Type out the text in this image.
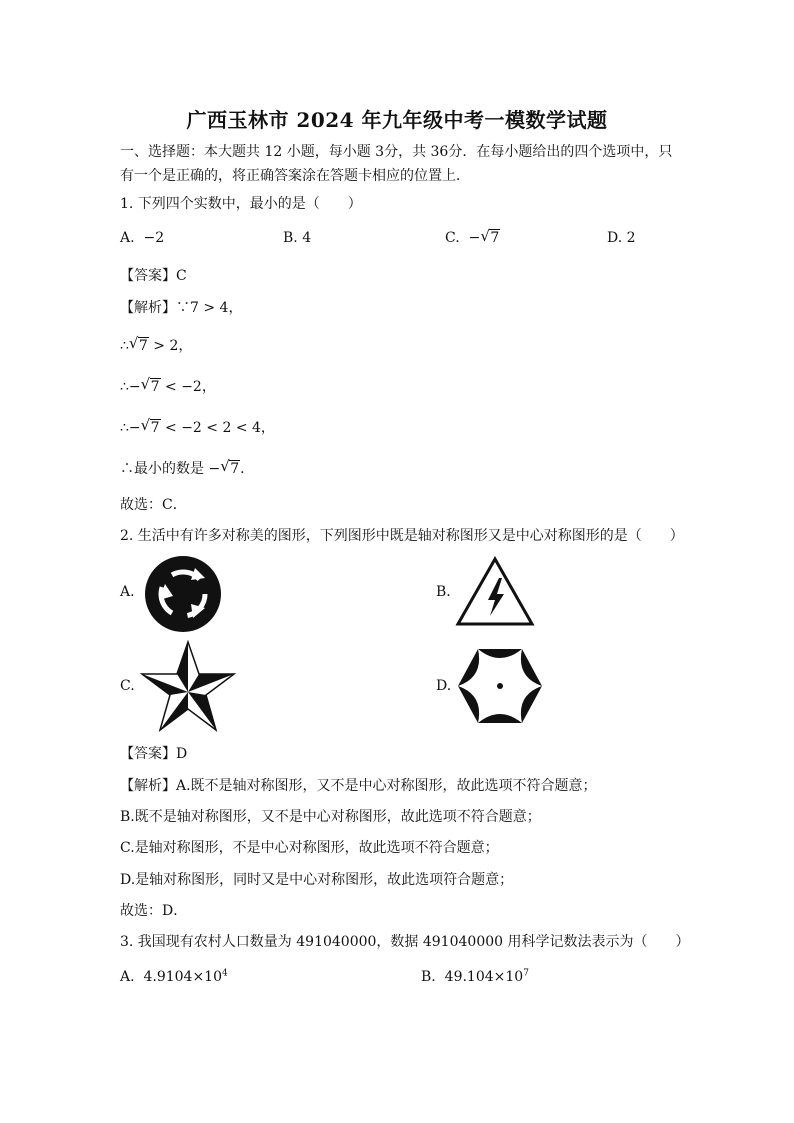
广西玉林市 2024 年九年级中考一模数学试题
一、选择题：本大题共 12 小题，每小题 3分，共 36分．在每小题给出的四个选项中，只
有一个是正确的，将正确答案涂在答题卡相应的位置上．
1. 下列四个实数中，最小的是（　　）
A. −2	B. 4	C. − √ 7	D. 2
【答案】C
【解析】∵7 > 4，
∴ √ 7 > 2，
∴− √ 7 < −2，
∴− √ 7 < −2 < 2 < 4，
∴最小的数是 − √ 7．
故选：C．
2. 生活中有许多对称美的图形，下列图形中既是轴对称图形又是中心对称图形的是（　　）
A.	B.
C.	D.
【答案】D
【解析】A.既不是轴对称图形，又不是中心对称图形，故此选项不符合题意；
B.既不是轴对称图形，又不是中心对称图形，故此选项不符合题意；
C.是轴对称图形，不是中心对称图形，故此选项不符合题意；
D.是轴对称图形，同时又是中心对称图形，故此选项符合题意；
故选：D．
3. 我国现有农村人口数量为 491040000，数据 491040000 用科学记数法表示为（　　）
A. $4.9104\times 10^4$	B. $49.104\times 10^7$
